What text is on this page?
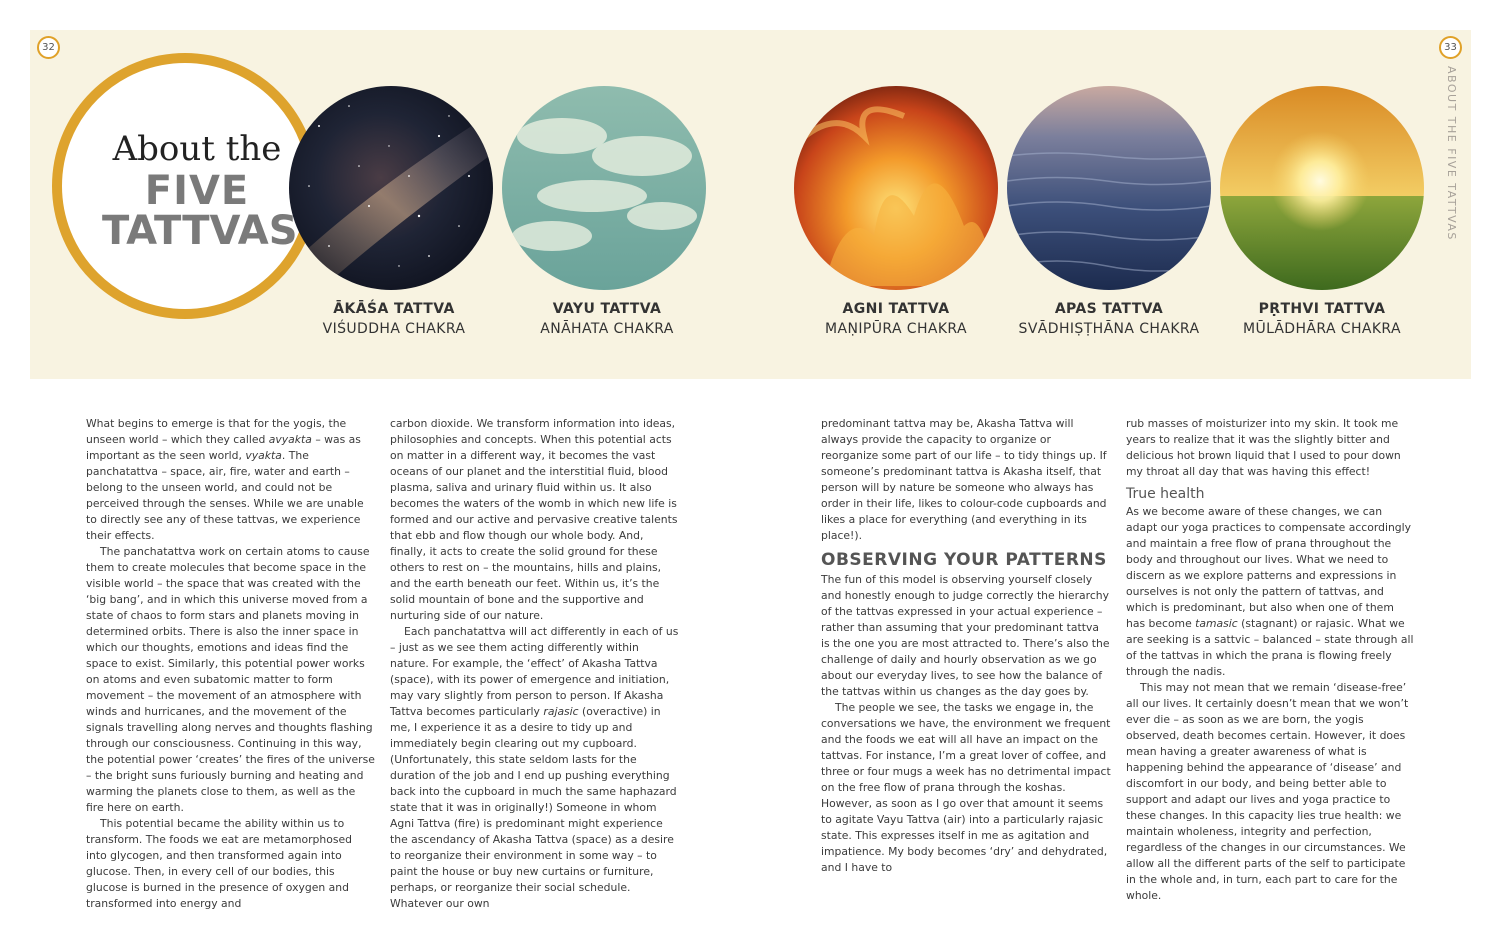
32	33
ABOUT THE FIVE TATTVAS
About the
FIVE
TATTVAS
ĀKĀŚA TATTVA
VIŚUDDHA CHAKRA
VAYU TATTVA
ANĀHATA CHAKRA
AGNI TATTVA
MAṆIPŪRA CHAKRA
APAS TATTVA
SVĀDHIṢṬHĀNA CHAKRA
PṚTHVI TATTVA
MŪLĀDHĀRA CHAKRA

What begins to emerge is that for the yogis, the unseen world – which they called avyakta – was as important as the seen world, vyakta. The panchatattva – space, air, fire, water and earth – belong to the unseen world, and could not be perceived through the senses. While we are unable to directly see any of these tattvas, we experience their effects.

The panchatattva work on certain atoms to cause them to create molecules that become space in the visible world – the space that was created with the ‘big bang’, and in which this universe moved from a state of chaos to form stars and planets moving in determined orbits. There is also the inner space in which our thoughts, emotions and ideas find the space to exist. Similarly, this potential power works on atoms and even subatomic matter to form movement – the movement of an atmosphere with winds and hurricanes, and the movement of the signals travelling along nerves and thoughts flashing through our consciousness. Continuing in this way, the potential power ‘creates’ the fires of the universe – the bright suns furiously burning and heating and warming the planets close to them, as well as the fire here on earth.

This potential became the ability within us to transform. The foods we eat are metamorphosed into glycogen, and then transformed again into glucose. Then, in every cell of our bodies, this glucose is burned in the presence of oxygen and transformed into energy and

carbon dioxide. We transform information into ideas, philosophies and concepts. When this potential acts on matter in a different way, it becomes the vast oceans of our planet and the interstitial fluid, blood plasma, saliva and urinary fluid within us. It also becomes the waters of the womb in which new life is formed and our active and pervasive creative talents that ebb and flow though our whole body. And, finally, it acts to create the solid ground for these others to rest on – the mountains, hills and plains, and the earth beneath our feet. Within us, it’s the solid mountain of bone and the supportive and nurturing side of our nature.

Each panchatattva will act differently in each of us – just as we see them acting differently within nature. For example, the ‘effect’ of Akasha Tattva (space), with its power of emergence and initiation, may vary slightly from person to person. If Akasha Tattva becomes particularly rajasic (overactive) in me, I experience it as a desire to tidy up and immediately begin clearing out my cupboard. (Unfortunately, this state seldom lasts for the duration of the job and I end up pushing everything back into the cupboard in much the same haphazard state that it was in originally!) Someone in whom Agni Tattva (fire) is predominant might experience the ascendancy of Akasha Tattva (space) as a desire to reorganize their environment in some way – to paint the house or buy new curtains or furniture, perhaps, or reorganize their social schedule. Whatever our own

predominant tattva may be, Akasha Tattva will always provide the capacity to organize or reorganize some part of our life – to tidy things up. If someone’s predominant tattva is Akasha itself, that person will by nature be someone who always has order in their life, likes to colour-code cupboards and likes a place for everything (and everything in its place!).

OBSERVING YOUR PATTERNS

The fun of this model is observing yourself closely and honestly enough to judge correctly the hierarchy of the tattvas expressed in your actual experience – rather than assuming that your predominant tattva is the one you are most attracted to. There’s also the challenge of daily and hourly observation as we go about our everyday lives, to see how the balance of the tattvas within us changes as the day goes by.

The people we see, the tasks we engage in, the conversations we have, the environment we frequent and the foods we eat will all have an impact on the tattvas. For instance, I’m a great lover of coffee, and three or four mugs a week has no detrimental impact on the free flow of prana through the koshas. However, as soon as I go over that amount it seems to agitate Vayu Tattva (air) into a particularly rajasic state. This expresses itself in me as agitation and impatience. My body becomes ‘dry’ and dehydrated, and I have to

rub masses of moisturizer into my skin. It took me years to realize that it was the slightly bitter and delicious hot brown liquid that I used to pour down my throat all day that was having this effect!

True health

As we become aware of these changes, we can adapt our yoga practices to compensate accordingly and maintain a free flow of prana throughout the body and throughout our lives. What we need to discern as we explore patterns and expressions in ourselves is not only the pattern of tattvas, and which is predominant, but also when one of them has become tamasic (stagnant) or rajasic. What we are seeking is a sattvic – balanced – state through all of the tattvas in which the prana is flowing freely through the nadis.

This may not mean that we remain ‘disease-free’ all our lives. It certainly doesn’t mean that we won’t ever die – as soon as we are born, the yogis observed, death becomes certain. However, it does mean having a greater awareness of what is happening behind the appearance of ‘disease’ and discomfort in our body, and being better able to support and adapt our lives and yoga practice to these changes. In this capacity lies true health: we maintain wholeness, integrity and perfection, regardless of the changes in our circumstances. We allow all the different parts of the self to participate in the whole and, in turn, each part to care for the whole.
